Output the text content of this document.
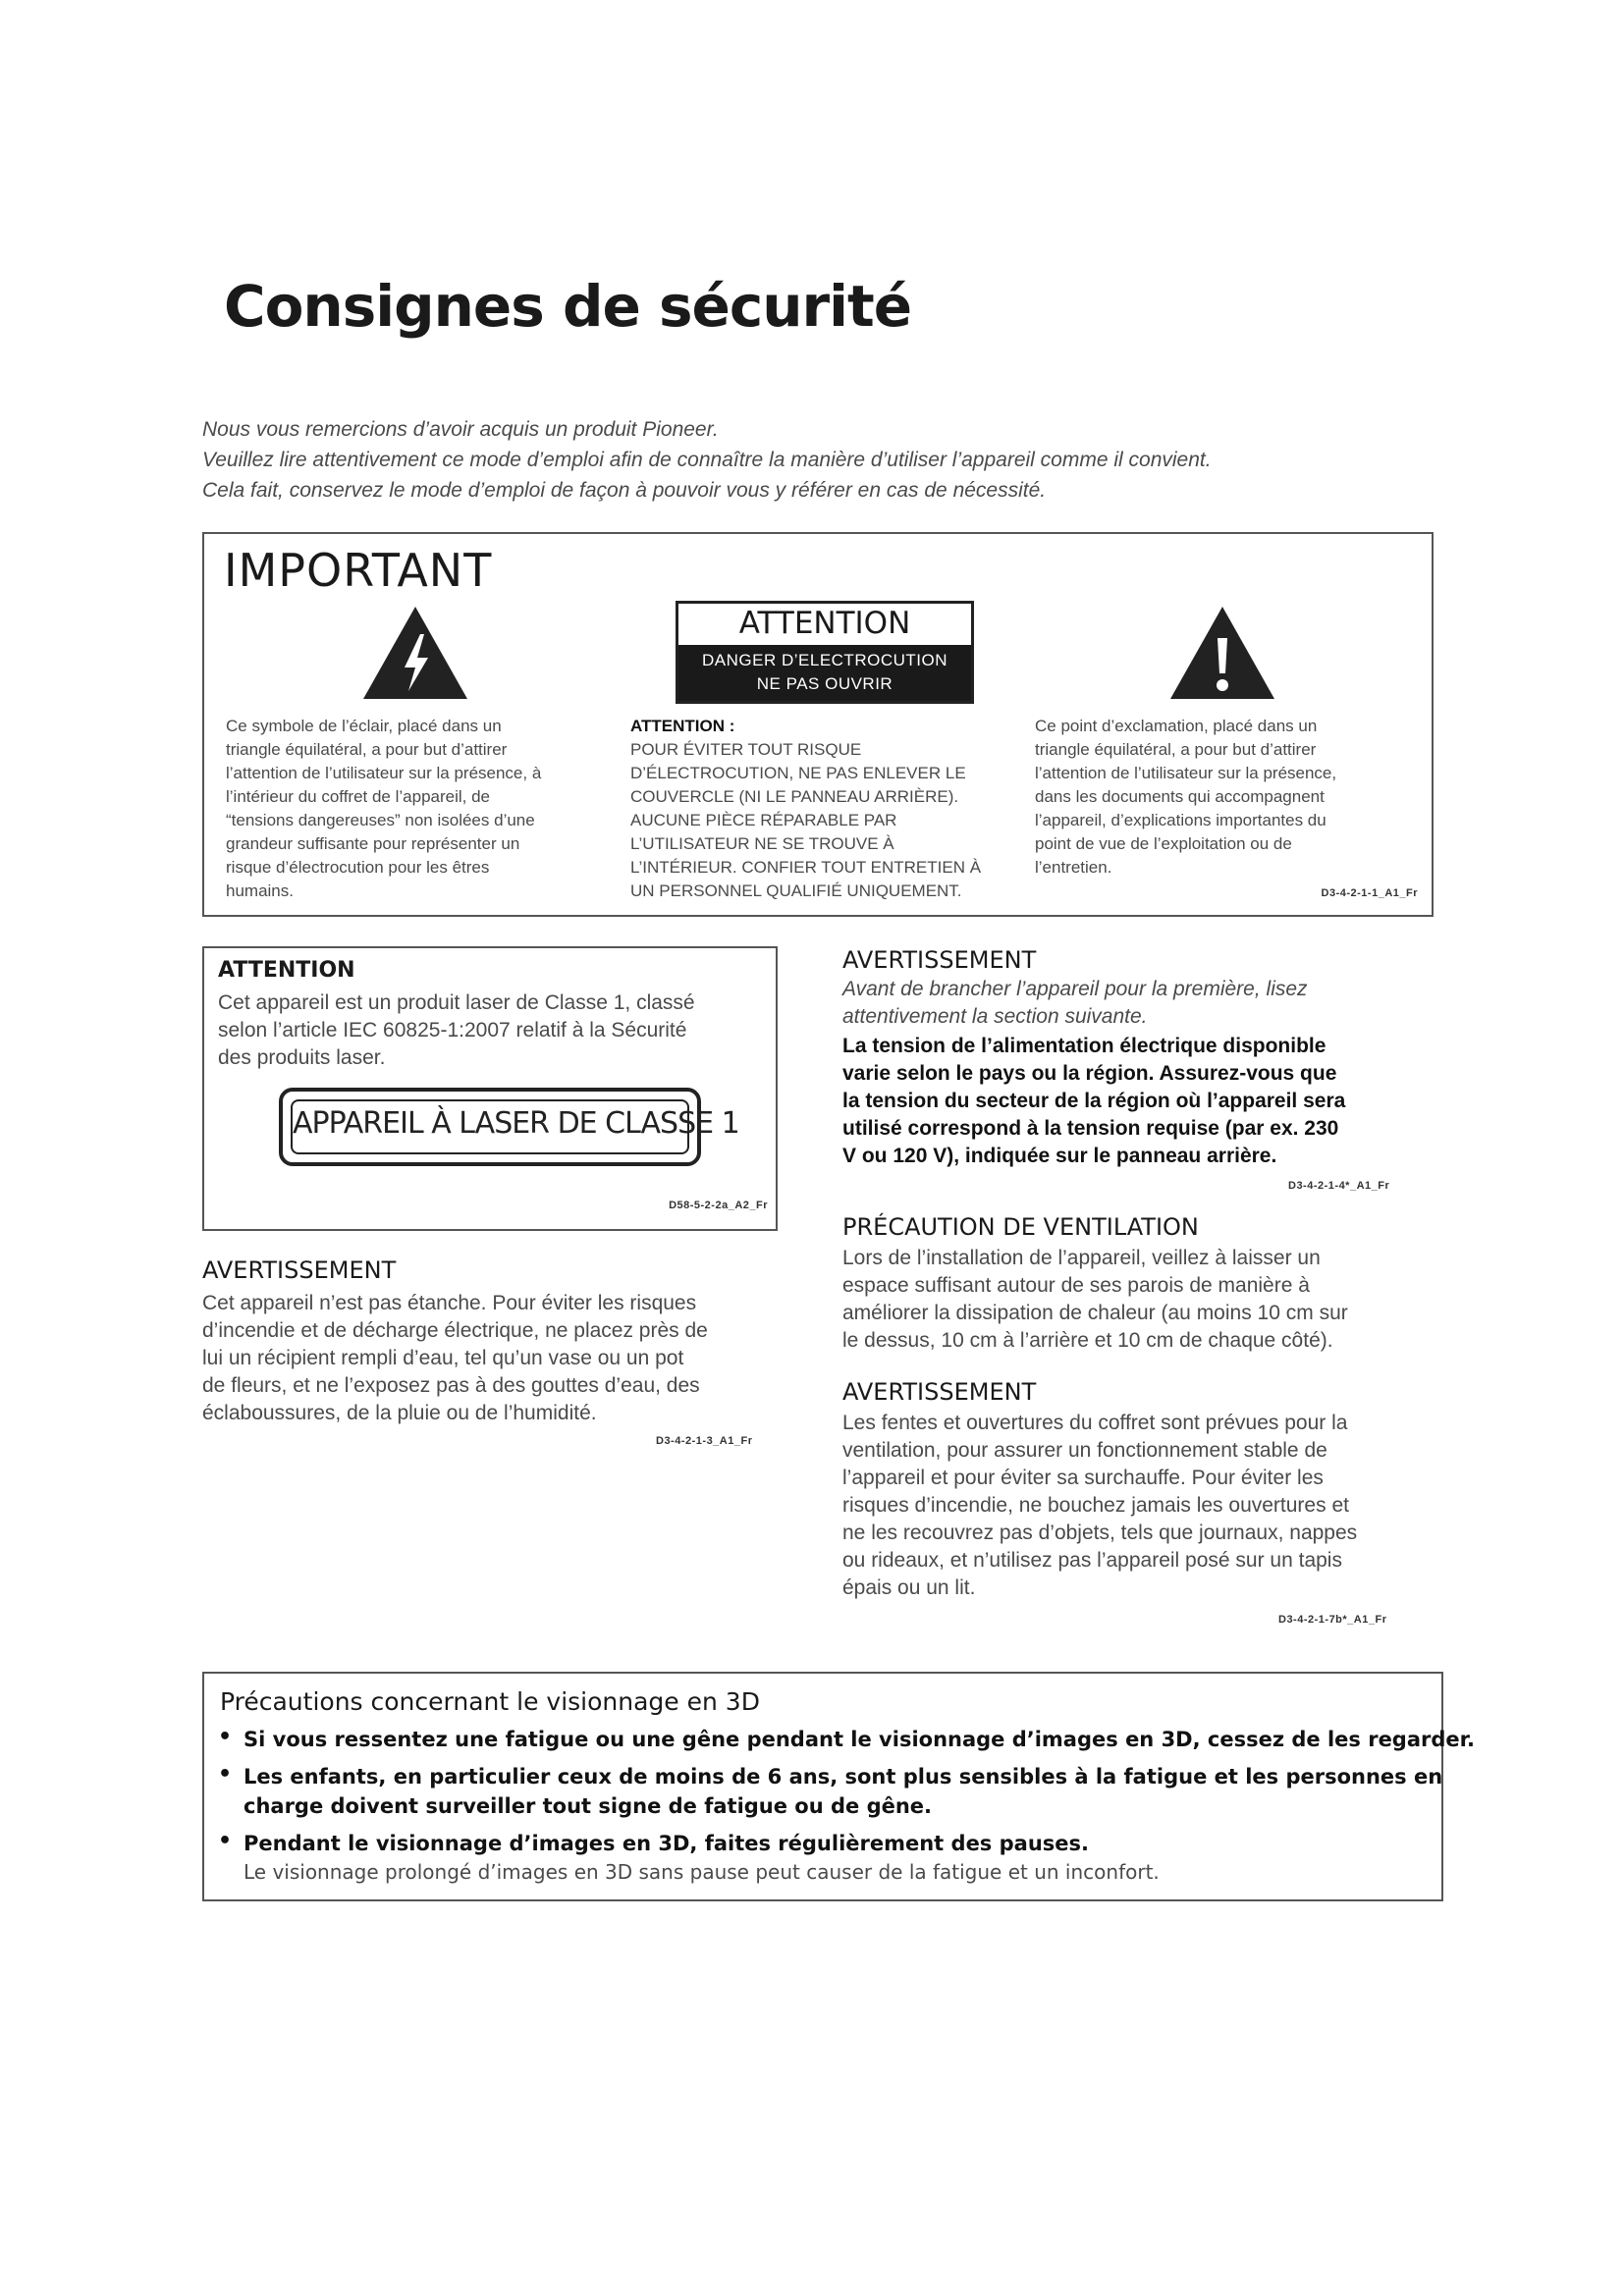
Consignes de sécurité
Nous vous remercions d’avoir acquis un produit Pioneer.
Veuillez lire attentivement ce mode d’emploi afin de connaître la manière d’utiliser l’appareil comme il convient.
Cela fait, conservez le mode d’emploi de façon à pouvoir vous y référer en cas de nécessité.
IMPORTANT
ATTENTION
DANGER D’ELECTROCUTION
NE PAS OUVRIR
Ce symbole de l’éclair, placé dans un
triangle équilatéral, a pour but d’attirer
l’attention de l’utilisateur sur la présence, à
l’intérieur du coffret de l’appareil, de
“tensions dangereuses” non isolées d’une
grandeur suffisante pour représenter un
risque d’électrocution pour les êtres
humains.
ATTENTION :
POUR ÉVITER TOUT RISQUE
D’ÉLECTROCUTION, NE PAS ENLEVER LE
COUVERCLE (NI LE PANNEAU ARRIÈRE).
AUCUNE PIÈCE RÉPARABLE PAR
L’UTILISATEUR NE SE TROUVE À
L’INTÉRIEUR. CONFIER TOUT ENTRETIEN À
UN PERSONNEL QUALIFIÉ UNIQUEMENT.
Ce point d’exclamation, placé dans un
triangle équilatéral, a pour but d’attirer
l’attention de l’utilisateur sur la présence,
dans les documents qui accompagnent
l’appareil, d’explications importantes du
point de vue de l’exploitation ou de
l’entretien.
D3-4-2-1-1_A1_Fr
ATTENTION
Cet appareil est un produit laser de Classe 1, classé
selon l’article IEC 60825-1:2007 relatif à la Sécurité
des produits laser.
APPAREIL À LASER DE CLASSE 1
D58-5-2-2a_A2_Fr
AVERTISSEMENT
Cet appareil n’est pas étanche. Pour éviter les risques
d’incendie et de décharge électrique, ne placez près de
lui un récipient rempli d’eau, tel qu’un vase ou un pot
de fleurs, et ne l’exposez pas à des gouttes d’eau, des
éclaboussures, de la pluie ou de l’humidité.
D3-4-2-1-3_A1_Fr
AVERTISSEMENT
Avant de brancher l’appareil pour la première, lisez
attentivement la section suivante.
La tension de l’alimentation électrique disponible
varie selon le pays ou la région. Assurez-vous que
la tension du secteur de la région où l’appareil sera
utilisé correspond à la tension requise (par ex. 230
V ou 120 V), indiquée sur le panneau arrière.
D3-4-2-1-4*_A1_Fr
PRÉCAUTION DE VENTILATION
Lors de l’installation de l’appareil, veillez à laisser un
espace suffisant autour de ses parois de manière à
améliorer la dissipation de chaleur (au moins 10 cm sur
le dessus, 10 cm à l’arrière et 10 cm de chaque côté).
AVERTISSEMENT
Les fentes et ouvertures du coffret sont prévues pour la
ventilation, pour assurer un fonctionnement stable de
l’appareil et pour éviter sa surchauffe. Pour éviter les
risques d’incendie, ne bouchez jamais les ouvertures et
ne les recouvrez pas d’objets, tels que journaux, nappes
ou rideaux, et n’utilisez pas l’appareil posé sur un tapis
épais ou un lit.
D3-4-2-1-7b*_A1_Fr
Précautions concernant le visionnage en 3D
• Si vous ressentez une fatigue ou une gêne pendant le visionnage d’images en 3D, cessez de les regarder.
• Les enfants, en particulier ceux de moins de 6 ans, sont plus sensibles à la fatigue et les personnes en
charge doivent surveiller tout signe de fatigue ou de gêne.
• Pendant le visionnage d’images en 3D, faites régulièrement des pauses.
Le visionnage prolongé d’images en 3D sans pause peut causer de la fatigue et un inconfort.
